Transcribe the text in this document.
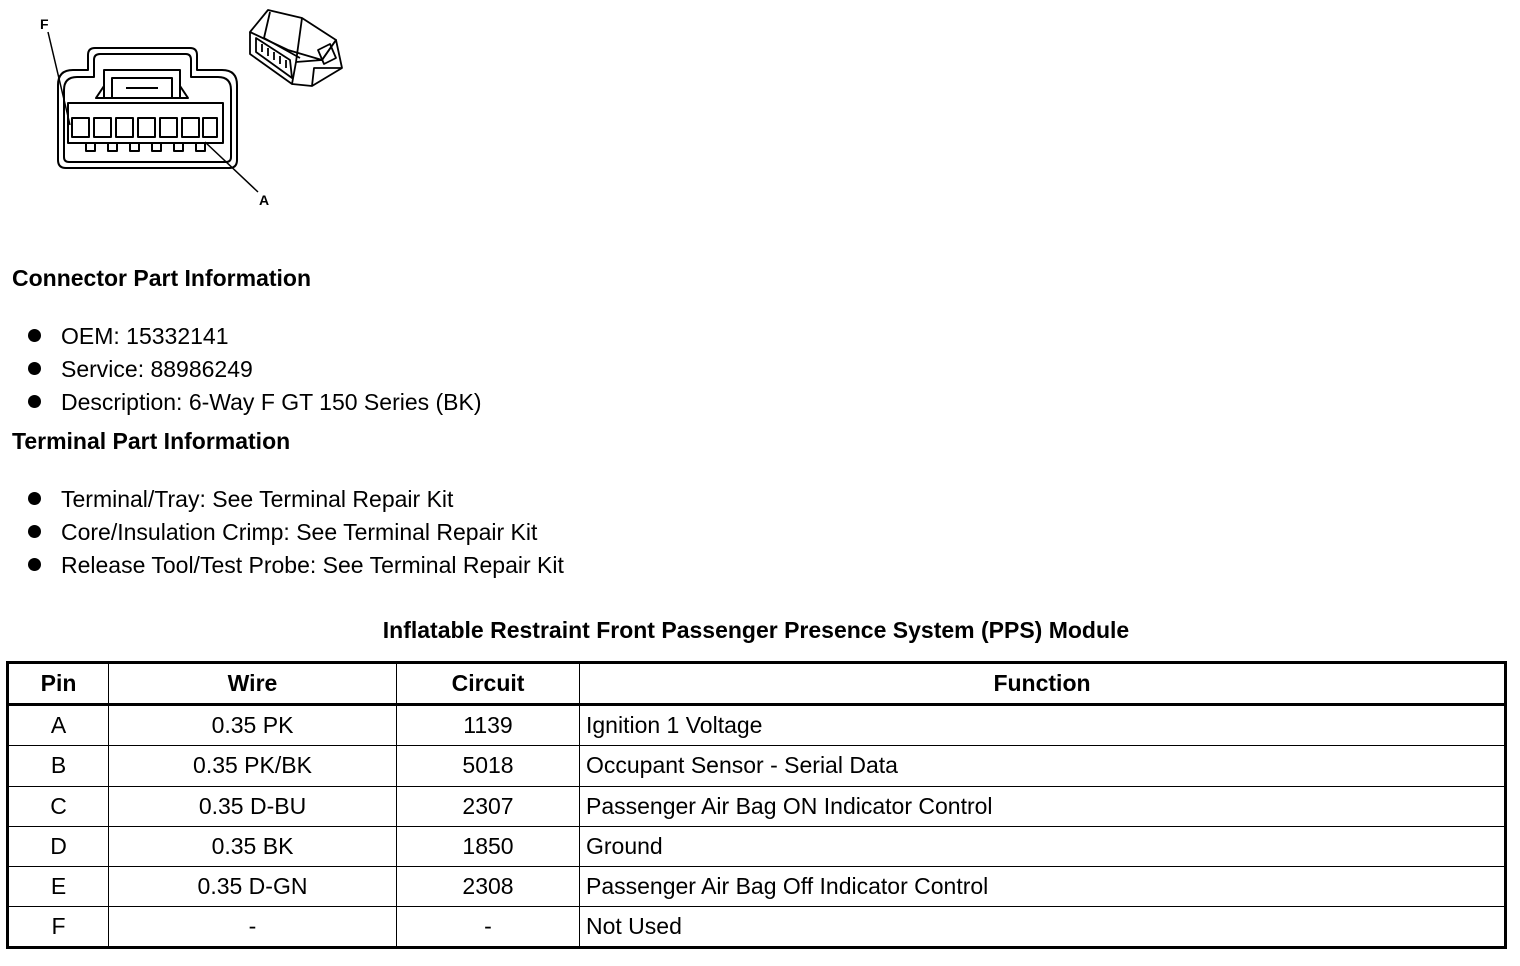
F
A
Connector Part Information
OEM: 15332141
Service: 88986249
Description: 6-Way F GT 150 Series (BK)
Terminal Part Information
Terminal/Tray: See Terminal Repair Kit
Core/Insulation Crimp: See Terminal Repair Kit
Release Tool/Test Probe: See Terminal Repair Kit
Inflatable Restraint Front Passenger Presence System (PPS) Module
Pin	Wire	Circuit	Function
A	0.35 PK	1139	Ignition 1 Voltage
B	0.35 PK/BK	5018	Occupant Sensor - Serial Data
C	0.35 D-BU	2307	Passenger Air Bag ON Indicator Control
D	0.35 BK	1850	Ground
E	0.35 D-GN	2308	Passenger Air Bag Off Indicator Control
F	-	-	Not Used
